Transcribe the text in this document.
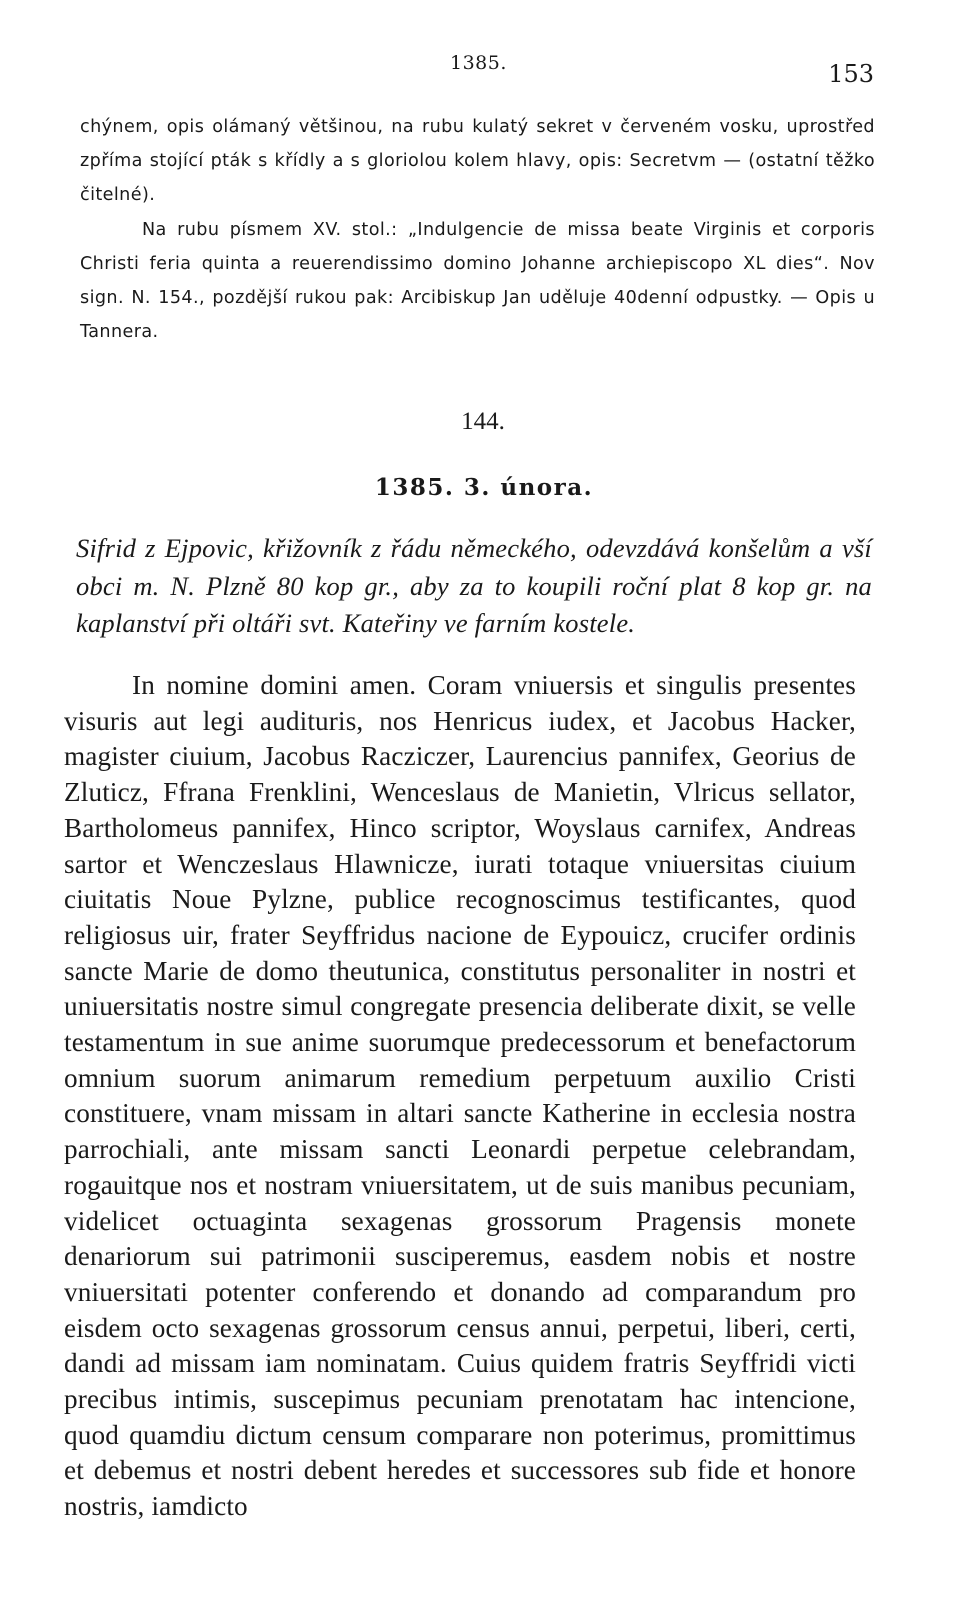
1385.	153

chýnem, opis olámaný většinou, na rubu kulatý sekret v červeném vosku, uprostřed zpříma stojící pták s křídly a s gloriolou kolem hlavy, opis: Secretvm — (ostatní těžko čitelné).

Na rubu písmem XV. stol.: „Indulgencie de missa beate Virginis et corporis Christi feria quinta a reuerendissimo domino Johanne archiepiscopo XL dies“. Nov sign. N. 154., pozdější rukou pak: Arcibiskup Jan uděluje 40denní odpustky. — Opis u Tannera.

144.
1385. 3. února.

Sifrid z Ejpovic, křižovník z řádu německého, odevzdává konšelům a vší obci m. N. Plzně 80 kop gr., aby za to koupili roční plat 8 kop gr. na kaplanství při oltáři svt. Kateřiny ve farním kostele.

In nomine domini amen. Coram vniuersis et singulis presentes visuris aut legi audituris, nos Henricus iudex, et Jacobus Hacker, magister ciuium, Jacobus Racziczer, Laurencius pannifex, Georius de Zluticz, Ffrana Frenklini, Wenceslaus de Manietin, Vlricus sellator, Bartholomeus pannifex, Hinco scriptor, Woyslaus carnifex, Andreas sartor et Wenczeslaus Hlawnicze, iurati totaque vniuersitas ciuium ciuitatis Noue Pylzne, publice recognoscimus testificantes, quod religiosus uir, frater Seyffridus nacione de Eypouicz, crucifer ordinis sancte Marie de domo theutunica, constitutus personaliter in nostri et uniuersitatis nostre simul congregate presencia deliberate dixit, se velle testamentum in sue anime suorumque predecessorum et benefactorum omnium suorum animarum remedium perpetuum auxilio Cristi constituere, vnam missam in altari sancte Katherine in ecclesia nostra parrochiali, ante missam sancti Leonardi perpetue celebrandam, rogauitque nos et nostram vniuersitatem, ut de suis manibus pecuniam, videlicet octuaginta sexagenas grossorum Pragensis monete denariorum sui patrimonii susciperemus, easdem nobis et nostre vniuersitati potenter conferendo et donando ad comparandum pro eisdem octo sexagenas grossorum census annui, perpetui, liberi, certi, dandi ad missam iam nominatam. Cuius quidem fratris Seyffridi victi precibus intimis, suscepimus pecuniam prenotatam hac intencione, quod quamdiu dictum censum comparare non poterimus, promittimus et debemus et nostri debent heredes et successores sub fide et honore nostris, iamdicto
